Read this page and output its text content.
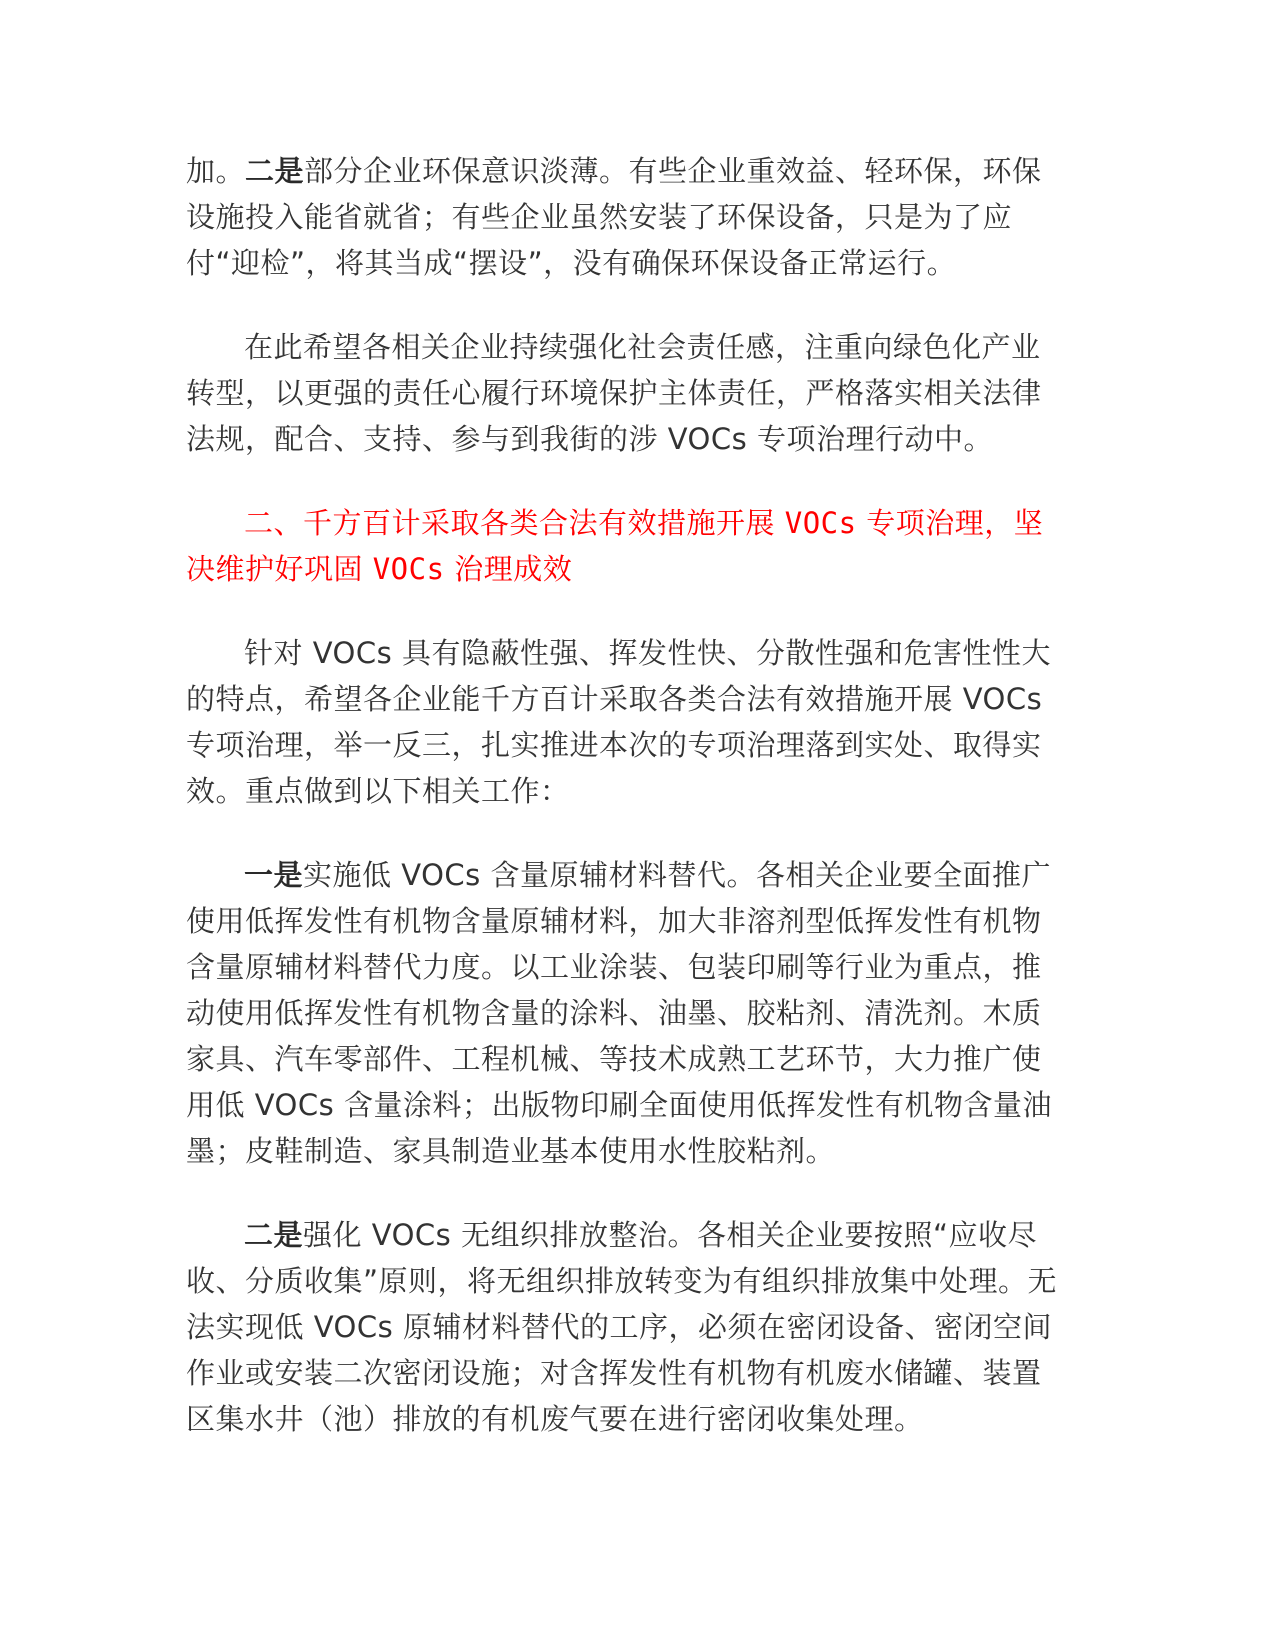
加。二是部分企业环保意识淡薄。有些企业重效益、轻环保，环保设施投入能省就省；有些企业虽然安装了环保设备，只是为了应付“迎检”，将其当成“摆设”，没有确保环保设备正常运行。

在此希望各相关企业持续强化社会责任感，注重向绿色化产业转型，以更强的责任心履行环境保护主体责任，严格落实相关法律法规，配合、支持、参与到我街的涉 VOCs 专项治理行动中。

二、千方百计采取各类合法有效措施开展 VOCs 专项治理，坚决维护好巩固 VOCs 治理成效

针对 VOCs 具有隐蔽性强、挥发性快、分散性强和危害性性大的特点，希望各企业能千方百计采取各类合法有效措施开展 VOCs 专项治理，举一反三，扎实推进本次的专项治理落到实处、取得实效。重点做到以下相关工作：

一是实施低 VOCs 含量原辅材料替代。各相关企业要全面推广使用低挥发性有机物含量原辅材料，加大非溶剂型低挥发性有机物含量原辅材料替代力度。以工业涂装、包装印刷等行业为重点，推动使用低挥发性有机物含量的涂料、油墨、胶粘剂、清洗剂。木质家具、汽车零部件、工程机械、等技术成熟工艺环节，大力推广使用低 VOCs 含量涂料；出版物印刷全面使用低挥发性有机物含量油墨；皮鞋制造、家具制造业基本使用水性胶粘剂。

二是强化 VOCs 无组织排放整治。各相关企业要按照“应收尽收、分质收集”原则，将无组织排放转变为有组织排放集中处理。无法实现低 VOCs 原辅材料替代的工序，必须在密闭设备、密闭空间作业或安装二次密闭设施；对含挥发性有机物有机废水储罐、装置区集水井（池）排放的有机废气要在进行密闭收集处理。
